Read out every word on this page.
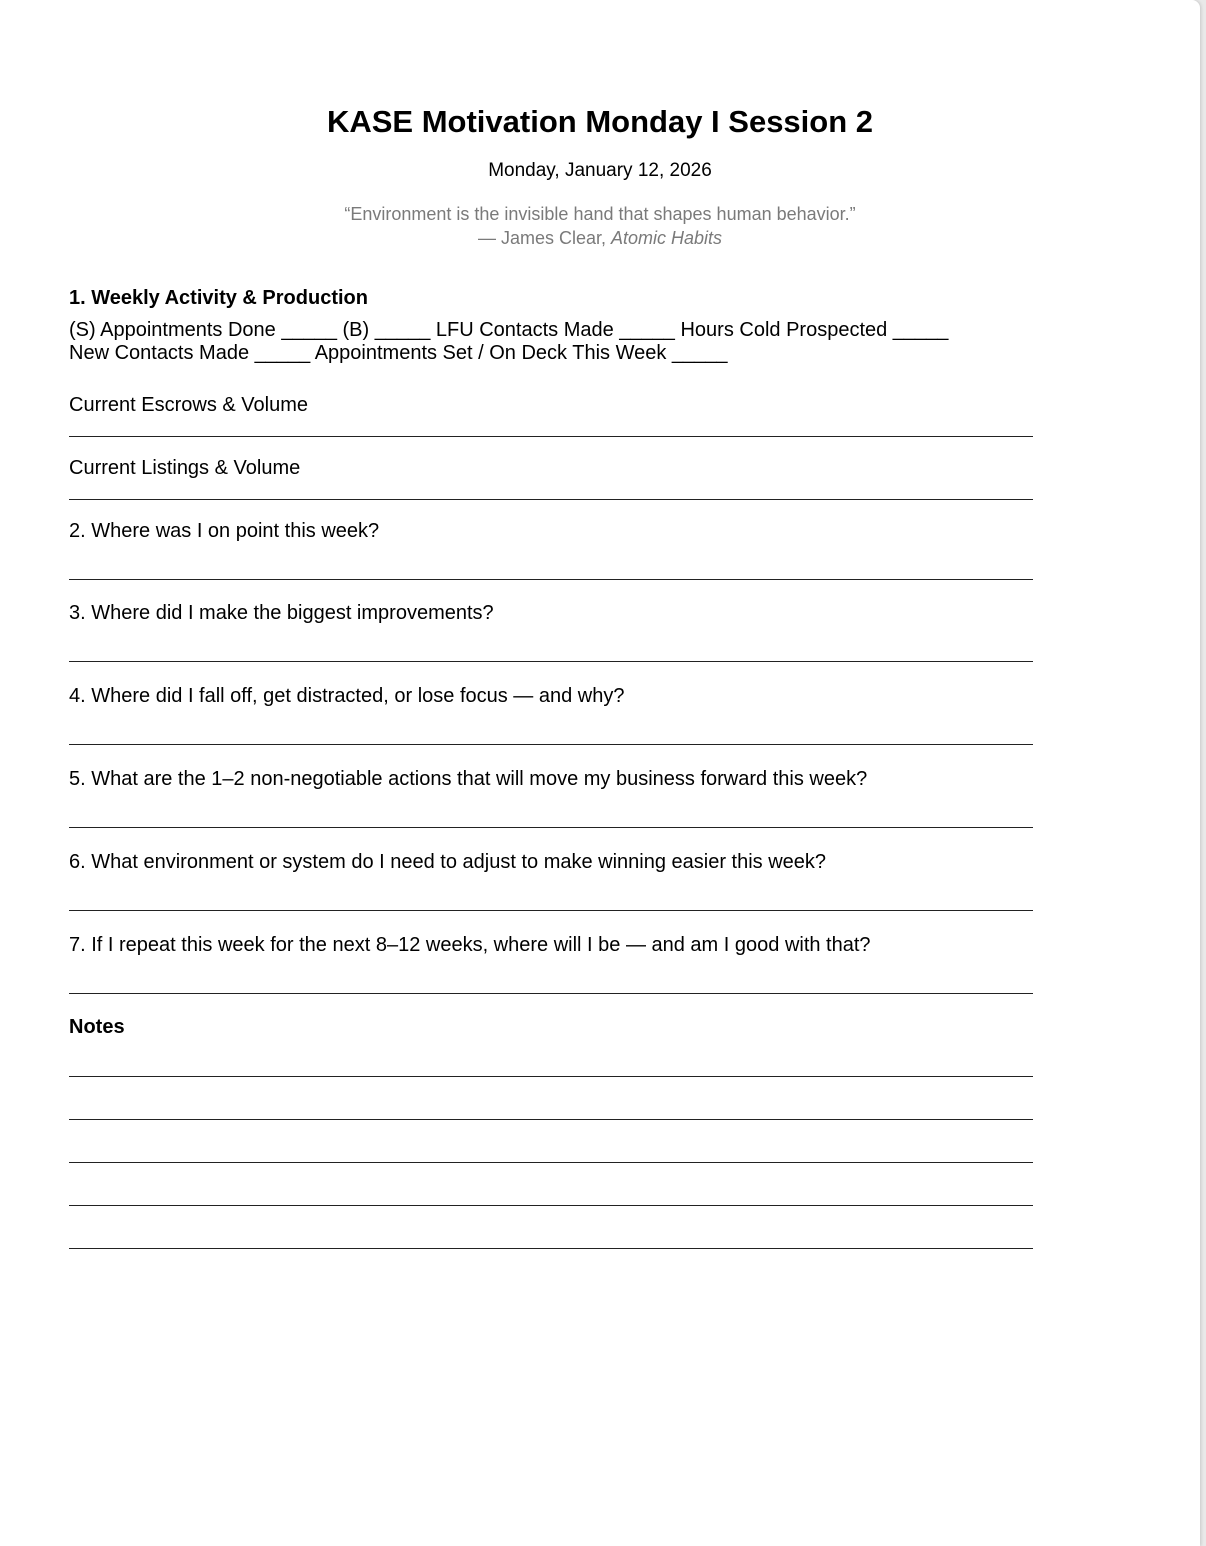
KASE Motivation Monday I Session 2
Monday, January 12, 2026
“Environment is the invisible hand that shapes human behavior.”
— James Clear, Atomic Habits
1. Weekly Activity & Production
(S) Appointments Done _____ (B) _____ LFU Contacts Made _____ Hours Cold Prospected _____
New Contacts Made _____ Appointments Set / On Deck This Week _____
Current Escrows & Volume
Current Listings & Volume
2. Where was I on point this week?
3. Where did I make the biggest improvements?
4. Where did I fall off, get distracted, or lose focus — and why?
5. What are the 1–2 non-negotiable actions that will move my business forward this week?
6. What environment or system do I need to adjust to make winning easier this week?
7. If I repeat this week for the next 8–12 weeks, where will I be — and am I good with that?
Notes
